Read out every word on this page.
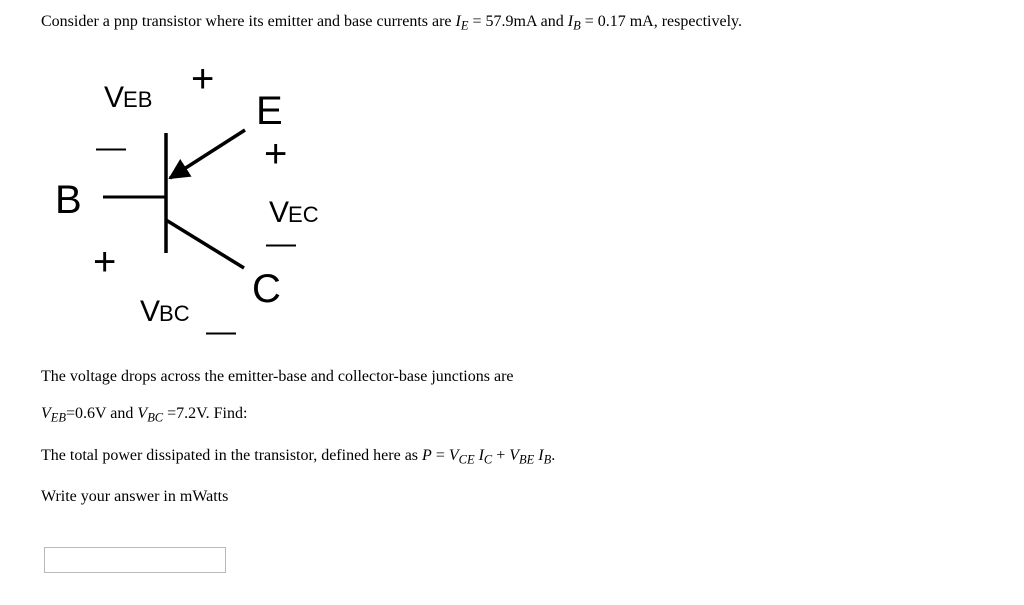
Consider a pnp transistor where its emitter and base currents are $I_E = 57.9mA$ and $I_B = 0.17$ mA, respectively.
VEB +
—
B
E
C
+
VEC
—
+
VBC
—
The voltage drops across the emitter-base and collector-base junctions are
$V_{EB}=0.6V$ and $V_{BC} =7.2V$. Find:
The total power dissipated in the transistor, defined here as $P = V_{CE}$ $I_C + V_{BE}$ $I_B$.
Write your answer in mWatts
